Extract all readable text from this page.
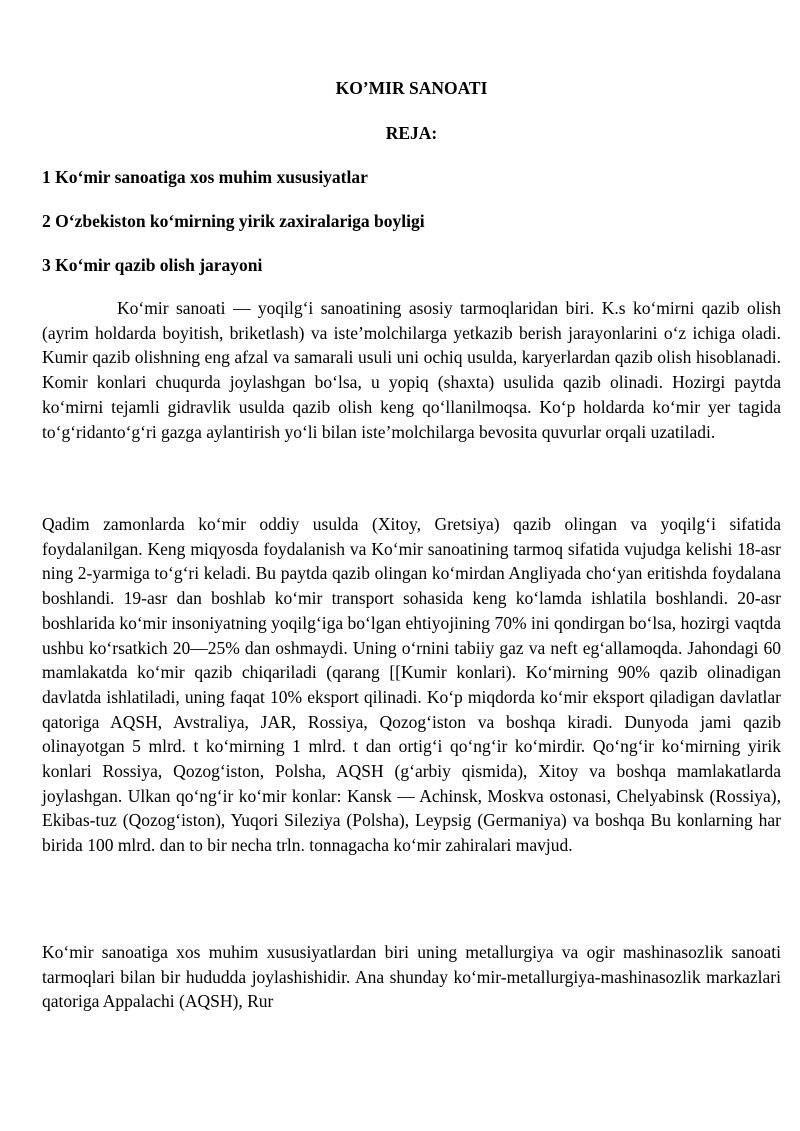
KO’MIR SANOATI
REJA:

1 Ko‘mir sanoatiga xos muhim xususiyatlar

2 O‘zbekiston ko‘mirning yirik zaxiralariga boyligi

3 Ko‘mir qazib olish jarayoni

Ko‘mir sanoati — yoqilg‘i sanoatining asosiy tarmoqlaridan biri. K.s ko‘mirni qazib olish (ayrim holdarda boyitish, briketlash) va iste’molchilarga yetkazib berish jarayonlarini o‘z ichiga oladi. Kumir qazib olishning eng afzal va samarali usuli uni ochiq usulda, karyerlardan qazib olish hisoblanadi. Komir konlari chuqurda joylashgan bo‘lsa, u yopiq (shaxta) usulida qazib olinadi. Hozirgi paytda ko‘mirni tejamli gidravlik usulda qazib olish keng qo‘llanilmoqsa. Ko‘p holdarda ko‘mir yer tagida to‘g‘ridanto‘g‘ri gazga aylantirish yo‘li bilan iste’molchilarga bevosita quvurlar orqali uzatiladi.

Qadim zamonlarda ko‘mir oddiy usulda (Xitoy, Gretsiya) qazib olingan va yoqilg‘i sifatida foydalanilgan. Keng miqyosda foydalanish va Ko‘mir sanoatining tarmoq sifatida vujudga kelishi 18-asr ning 2-yarmiga to‘g‘ri keladi. Bu paytda qazib olingan ko‘mirdan Angliyada cho‘yan eritishda foydalana boshlandi. 19-asr dan boshlab ko‘mir transport sohasida keng ko‘lamda ishlatila boshlandi. 20-asr boshlarida ko‘mir insoniyatning yoqilg‘iga bo‘lgan ehtiyojining 70% ini qondirgan bo‘lsa, hozirgi vaqtda ushbu ko‘rsatkich 20—25% dan oshmaydi. Uning o‘rnini tabiiy gaz va neft eg‘allamoqda. Jahondagi 60 mamlakatda ko‘mir qazib chiqariladi (qarang [[Kumir konlari). Ko‘mirning 90% qazib olinadigan davlatda ishlatiladi, uning faqat 10% eksport qilinadi. Ko‘p miqdorda ko‘mir eksport qiladigan davlatlar qatoriga AQSH, Avstraliya, JAR, Rossiya, Qozog‘iston va boshqa kiradi. Dunyoda jami qazib olinayotgan 5 mlrd. t ko‘mirning 1 mlrd. t dan ortig‘i qo‘ng‘ir ko‘mirdir. Qo‘ng‘ir ko‘mirning yirik konlari Rossiya, Qozog‘iston, Polsha, AQSH (g‘arbiy qismida), Xitoy va boshqa mamlakatlarda joylashgan. Ulkan qo‘ng‘ir ko‘mir konlar: Kansk — Achinsk, Moskva ostonasi, Chelyabinsk (Rossiya), Ekibas-tuz (Qozog‘iston), Yuqori Sileziya (Polsha), Leypsig (Germaniya) va boshqa Bu konlarning har birida 100 mlrd. dan to bir necha trln. tonnagacha ko‘mir zahiralari mavjud.

Ko‘mir sanoatiga xos muhim xususiyatlardan biri uning metallurgiya va ogir mashinasozlik sanoati tarmoqlari bilan bir hududda joylashishidir. Ana shunday ko‘mir-metallurgiya-mashinasozlik markazlari qatoriga Appalachi (AQSH), Rur
